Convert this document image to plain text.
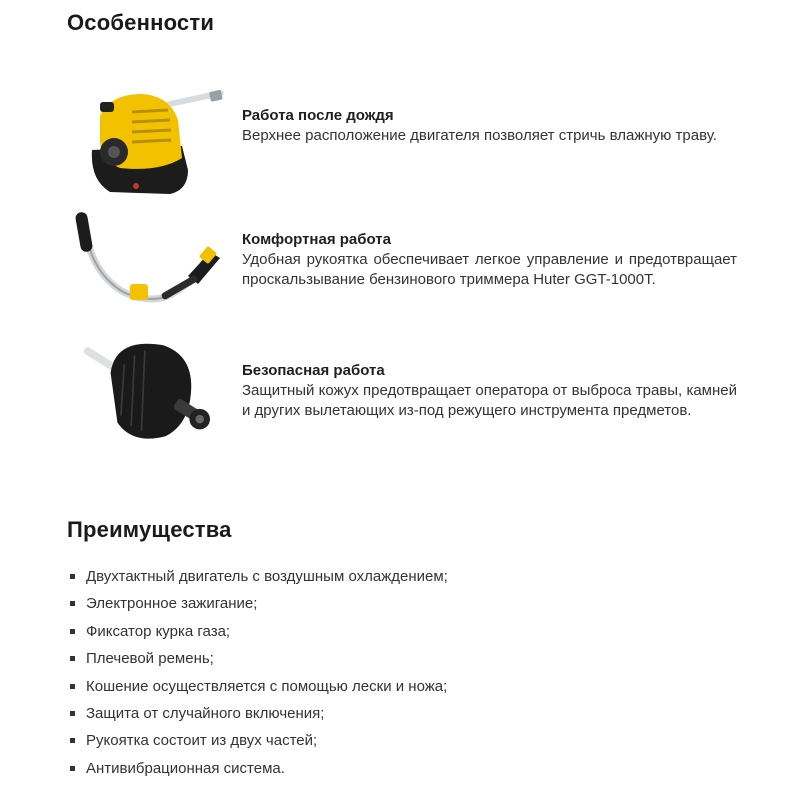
Особенности
Работа после дождя
Верхнее расположение двигателя позволяет стричь влажную траву.
Комфортная работа
Удобная рукоятка обеспечивает легкое управление и предотвращает проскальзывание бензинового триммера Huter GGT-1000T.
Безопасная работа
Защитный кожух предотвращает оператора от выброса травы, камней и других вылетающих из-под режущего инструмента предметов.
Преимущества
Двухтактный двигатель с воздушным охлаждением;
Электронное зажигание;
Фиксатор курка газа;
Плечевой ремень;
Кошение осуществляется с помощью лески и ножа;
Защита от случайного включения;
Рукоятка состоит из двух частей;
Антивибрационная система.
